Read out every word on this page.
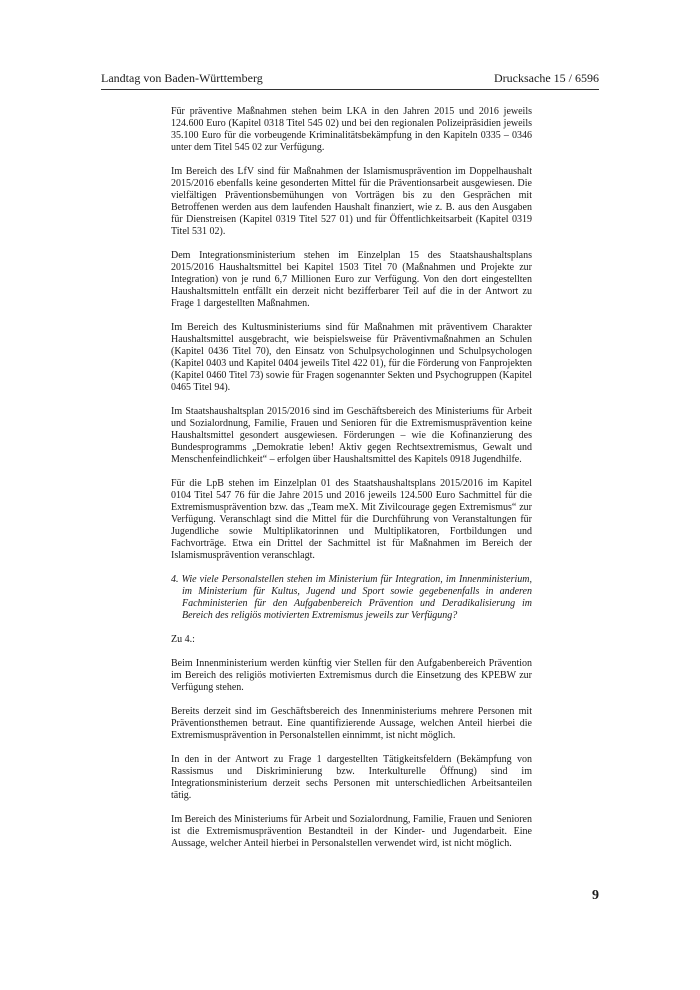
Landtag von Baden-Württemberg	Drucksache 15 / 6596

Für präventive Maßnahmen stehen beim LKA in den Jahren 2015 und 2016 jeweils 124.600 Euro (Kapitel 0318 Titel 545 02) und bei den regionalen Polizeipräsidien jeweils 35.100 Euro für die vorbeugende Kriminalitätsbekämpfung in den Kapiteln 0335 – 0346 unter dem Titel 545 02 zur Verfügung.

Im Bereich des LfV sind für Maßnahmen der Islamismusprävention im Doppelhaushalt 2015/2016 ebenfalls keine gesonderten Mittel für die Präventionsarbeit ausgewiesen. Die vielfältigen Präventionsbemühungen von Vorträgen bis zu den Gesprächen mit Betroffenen werden aus dem laufenden Haushalt finanziert, wie z. B. aus den Ausgaben für Dienstreisen (Kapitel 0319 Titel 527 01) und für Öffentlichkeitsarbeit (Kapitel 0319 Titel 531 02).

Dem Integrationsministerium stehen im Einzelplan 15 des Staatshaushaltsplans 2015/2016 Haushaltsmittel bei Kapitel 1503 Titel 70 (Maßnahmen und Projekte zur Integration) von je rund 6,7 Millionen Euro zur Verfügung. Von den dort eingestellten Haushaltsmitteln entfällt ein derzeit nicht bezifferbarer Teil auf die in der Antwort zu Frage 1 dargestellten Maßnahmen.

Im Bereich des Kultusministeriums sind für Maßnahmen mit präventivem Charakter Haushaltsmittel ausgebracht, wie beispielsweise für Präventivmaßnahmen an Schulen (Kapitel 0436 Titel 70), den Einsatz von Schulpsychologinnen und Schulpsychologen (Kapitel 0403 und Kapitel 0404 jeweils Titel 422 01), für die Förderung von Fanprojekten (Kapitel 0460 Titel 73) sowie für Fragen sogenannter Sekten und Psychogruppen (Kapitel 0465 Titel 94).

Im Staatshaushaltsplan 2015/2016 sind im Geschäftsbereich des Ministeriums für Arbeit und Sozialordnung, Familie, Frauen und Senioren für die Extremismusprävention keine Haushaltsmittel gesondert ausgewiesen. Förderungen – wie die Kofinanzierung des Bundesprogramms „Demokratie leben! Aktiv gegen Rechtsextremismus, Gewalt und Menschenfeindlichkeit“ – erfolgen über Haushaltsmittel des Kapitels 0918 Jugendhilfe.

Für die LpB stehen im Einzelplan 01 des Staatshaushaltsplans 2015/2016 im Kapitel 0104 Titel 547 76 für die Jahre 2015 und 2016 jeweils 124.500 Euro Sachmittel für die Extremismusprävention bzw. das „Team meX. Mit Zivilcourage gegen Extremismus“ zur Verfügung. Veranschlagt sind die Mittel für die Durchführung von Veranstaltungen für Jugendliche sowie Multiplikatorinnen und Multiplikatoren, Fortbildungen und Fachvorträge. Etwa ein Drittel der Sachmittel ist für Maßnahmen im Bereich der Islamismusprävention veranschlagt.

4. Wie viele Personalstellen stehen im Ministerium für Integration, im Innenministerium, im Ministerium für Kultus, Jugend und Sport sowie gegebenenfalls in anderen Fachministerien für den Aufgabenbereich Prävention und Deradikalisierung im Bereich des religiös motivierten Extremismus jeweils zur Verfügung?

Zu 4.:

Beim Innenministerium werden künftig vier Stellen für den Aufgabenbereich Prävention im Bereich des religiös motivierten Extremismus durch die Einsetzung des KPEBW zur Verfügung stehen.

Bereits derzeit sind im Geschäftsbereich des Innenministeriums mehrere Personen mit Präventionsthemen betraut. Eine quantifizierende Aussage, welchen Anteil hierbei die Extremismusprävention in Personalstellen einnimmt, ist nicht möglich.

In den in der Antwort zu Frage 1 dargestellten Tätigkeitsfeldern (Bekämpfung von Rassismus und Diskriminierung bzw. Interkulturelle Öffnung) sind im Integrationsministerium derzeit sechs Personen mit unterschiedlichen Arbeitsanteilen tätig.

Im Bereich des Ministeriums für Arbeit und Sozialordnung, Familie, Frauen und Senioren ist die Extremismusprävention Bestandteil in der Kinder- und Jugendarbeit. Eine Aussage, welcher Anteil hierbei in Personalstellen verwendet wird, ist nicht möglich.

9
